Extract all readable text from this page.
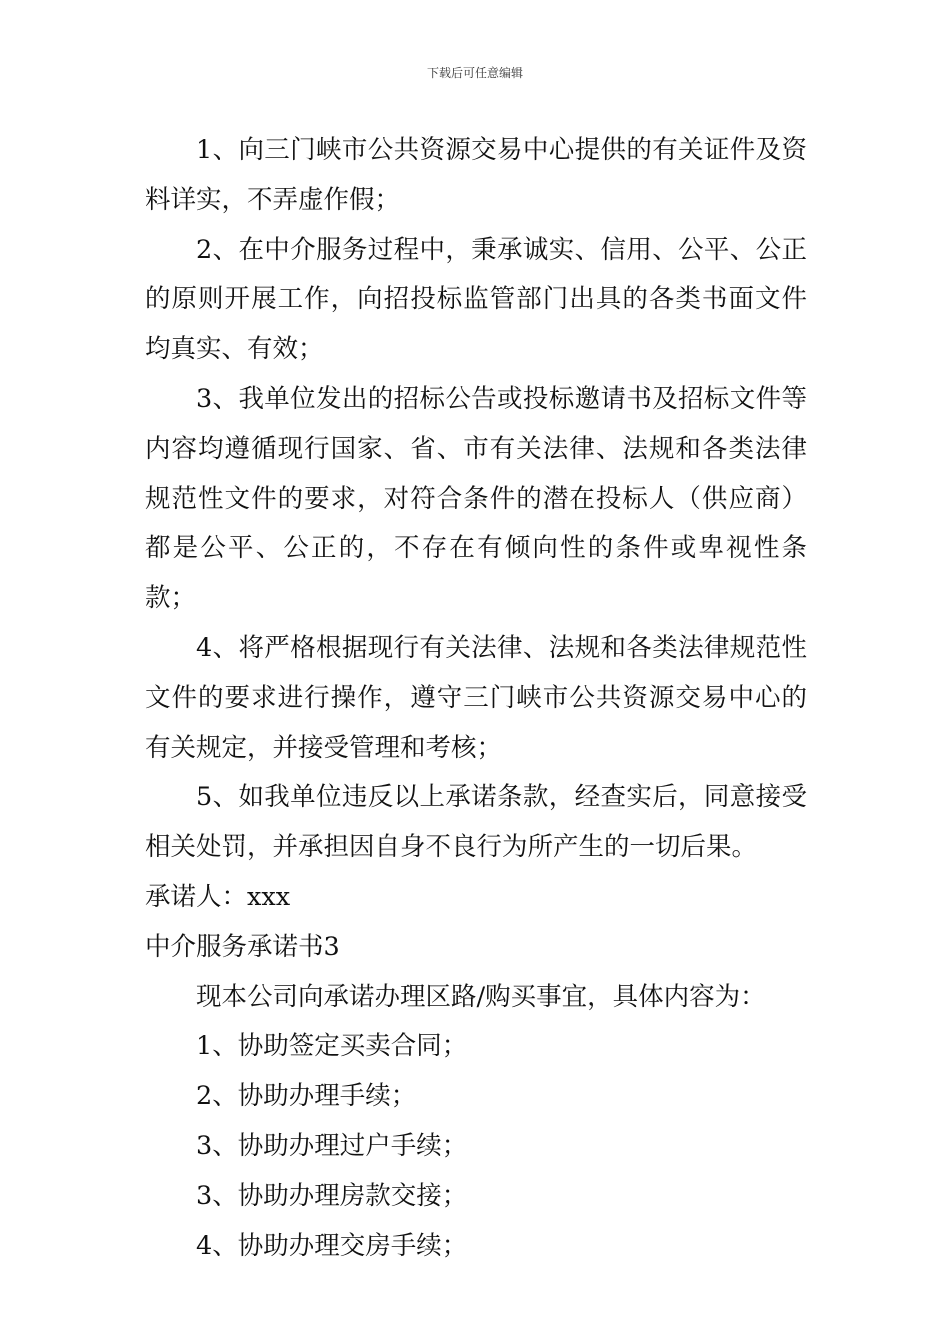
下载后可任意编辑

1、向三门峡市公共资源交易中心提供的有关证件及资料详实，不弄虚作假；

2、在中介服务过程中，秉承诚实、信用、公平、公正的原则开展工作，向招投标监管部门出具的各类书面文件均真实、有效；

3、我单位发出的招标公告或投标邀请书及招标文件等内容均遵循现行国家、省、市有关法律、法规和各类法律规范性文件的要求，对符合条件的潜在投标人（供应商）都是公平、公正的，不存在有倾向性的条件或卑视性条款；

4、将严格根据现行有关法律、法规和各类法律规范性文件的要求进行操作，遵守三门峡市公共资源交易中心的有关规定，并接受管理和考核；

5、如我单位违反以上承诺条款，经查实后，同意接受相关处罚，并承担因自身不良行为所产生的一切后果。

承诺人：xxx

中介服务承诺书3

现本公司向承诺办理区路/购买事宜，具体内容为：

1、协助签定买卖合同；

2、协助办理手续；

3、协助办理过户手续；

3、协助办理房款交接；

4、协助办理交房手续；
